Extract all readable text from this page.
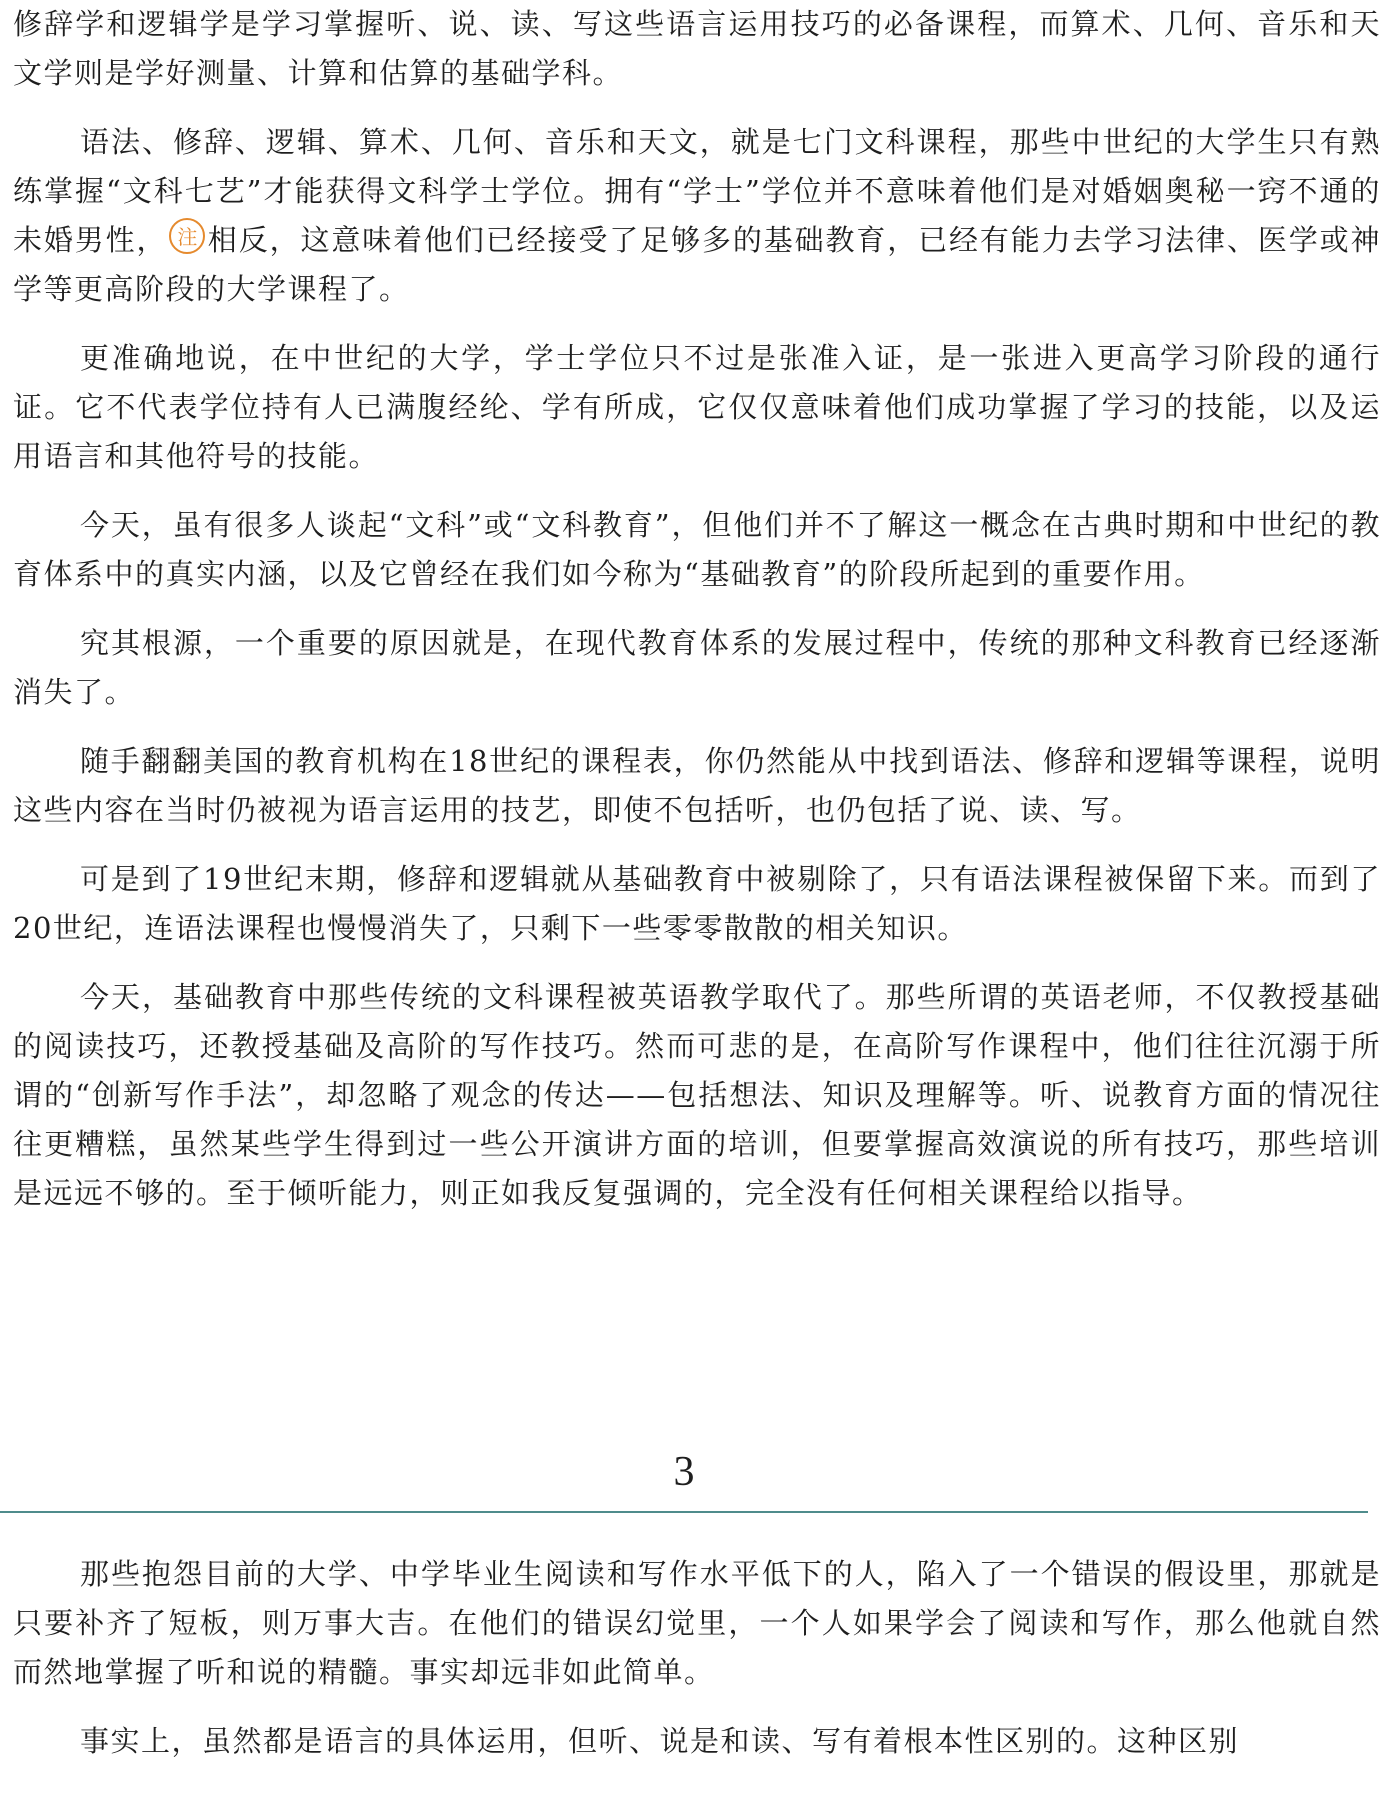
修辞学和逻辑学是学习掌握听、说、读、写这些语言运用技巧的必备课程，而算术、几何、音乐和天文学则是学好测量、计算和估算的基础学科。

语法、修辞、逻辑、算术、几何、音乐和天文，就是七门文科课程，那些中世纪的大学生只有熟练掌握“文科七艺”才能获得文科学士学位。拥有“学士”学位并不意味着他们是对婚姻奥秘一窍不通的未婚男性， 注 相反，这意味着他们已经接受了足够多的基础教育，已经有能力去学习法律、医学或神学等更高阶段的大学课程了。

更准确地说，在中世纪的大学，学士学位只不过是张准入证，是一张进入更高学习阶段的通行证。它不代表学位持有人已满腹经纶、学有所成，它仅仅意味着他们成功掌握了学习的技能，以及运用语言和其他符号的技能。

今天，虽有很多人谈起“文科”或“文科教育”，但他们并不了解这一概念在古典时期和中世纪的教育体系中的真实内涵，以及它曾经在我们如今称为“基础教育”的阶段所起到的重要作用。

究其根源，一个重要的原因就是，在现代教育体系的发展过程中，传统的那种文科教育已经逐渐消失了。

随手翻翻美国的教育机构在18世纪的课程表，你仍然能从中找到语法、修辞和逻辑等课程，说明这些内容在当时仍被视为语言运用的技艺，即使不包括听，也仍包括了说、读、写。

可是到了19世纪末期，修辞和逻辑就从基础教育中被剔除了，只有语法课程被保留下来。而到了20世纪，连语法课程也慢慢消失了，只剩下一些零零散散的相关知识。

今天，基础教育中那些传统的文科课程被英语教学取代了。那些所谓的英语老师，不仅教授基础的阅读技巧，还教授基础及高阶的写作技巧。然而可悲的是，在高阶写作课程中，他们往往沉溺于所谓的“创新写作手法”，却忽略了观念的传达——包括想法、知识及理解等。听、说教育方面的情况往往更糟糕，虽然某些学生得到过一些公开演讲方面的培训，但要掌握高效演说的所有技巧，那些培训是远远不够的。至于倾听能力，则正如我反复强调的，完全没有任何相关课程给以指导。

3

那些抱怨目前的大学、中学毕业生阅读和写作水平低下的人，陷入了一个错误的假设里，那就是只要补齐了短板，则万事大吉。在他们的错误幻觉里，一个人如果学会了阅读和写作，那么他就自然而然地掌握了听和说的精髓。事实却远非如此简单。

事实上，虽然都是语言的具体运用，但听、说是和读、写有着根本性区别的。这种区别
